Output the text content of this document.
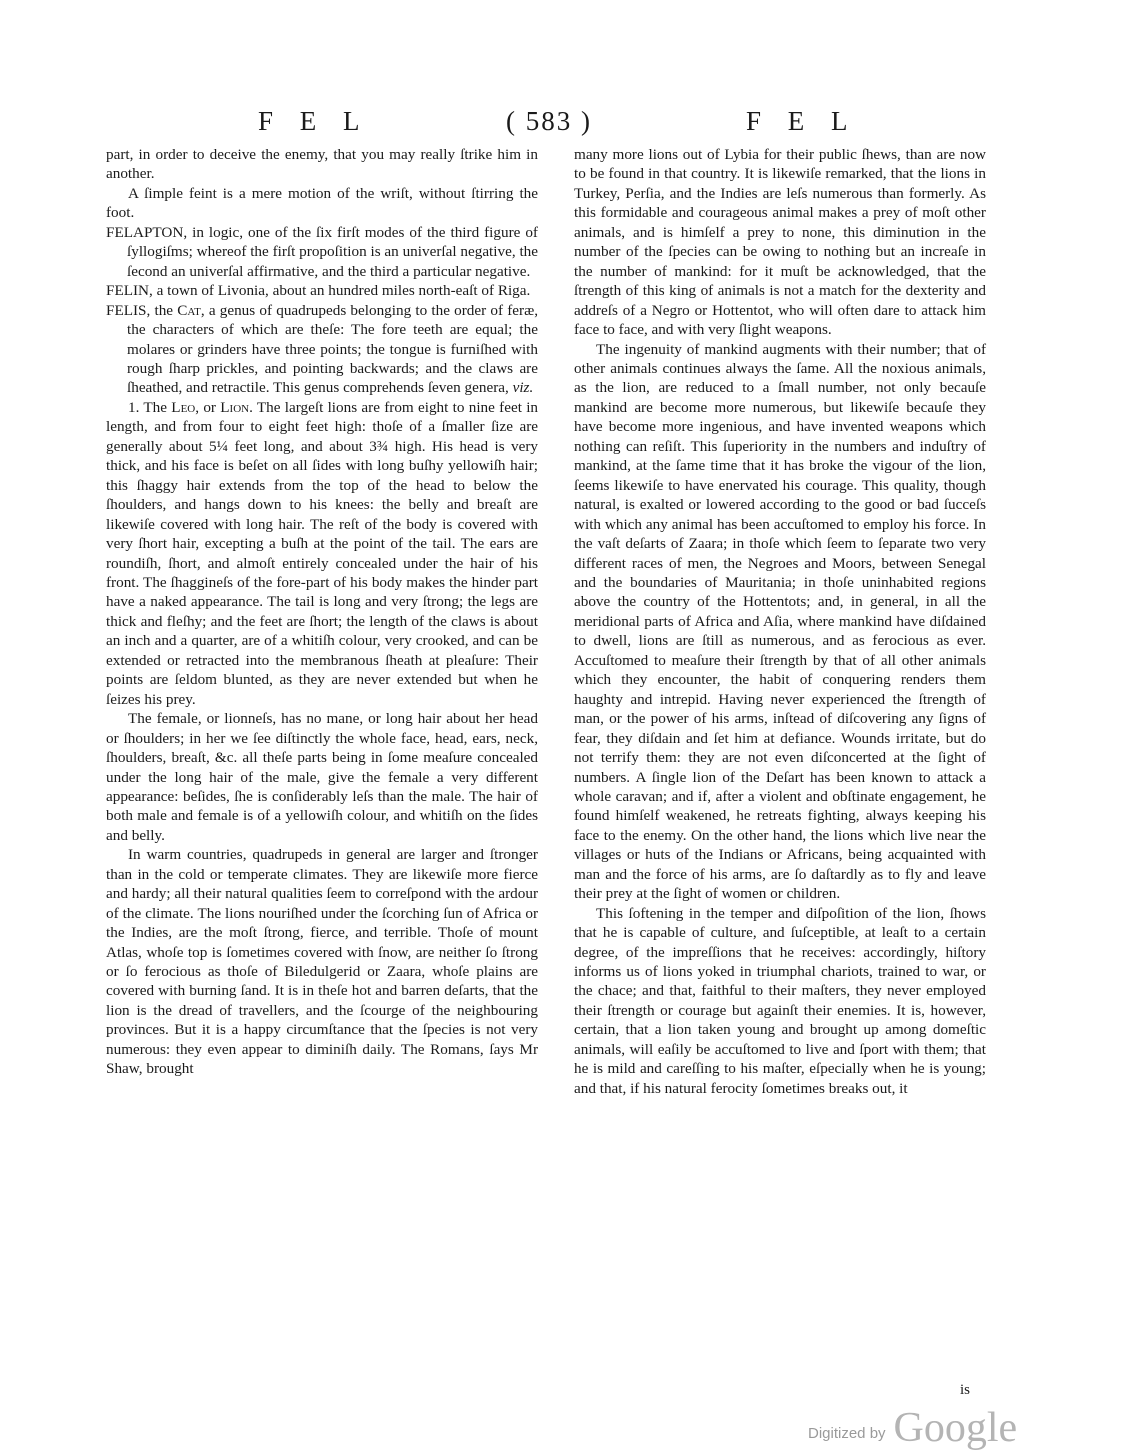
F E L	( 583 )	F E L

part, in order to deceive the enemy, that you may really ſtrike him in another.

A ſimple feint is a mere motion of the wriſt, without ſtirring the foot.

FELAPTON, in logic, one of the ſix firſt modes of the third figure of ſyllogiſms; whereof the firſt propoſition is an univerſal negative, the ſecond an univerſal affirmative, and the third a particular negative.

FELIN, a town of Livonia, about an hundred miles north-eaſt of Riga.

FELIS, the Cat, a genus of quadrupeds belonging to the order of feræ, the characters of which are theſe: The fore teeth are equal; the molares or grinders have three points; the tongue is furniſhed with rough ſharp prickles, and pointing backwards; and the claws are ſheathed, and retractile. This genus comprehends ſeven genera, viz.

1. The Leo, or Lion. The largeſt lions are from eight to nine feet in length, and from four to eight feet high: thoſe of a ſmaller ſize are generally about 5¼ feet long, and about 3¾ high. His head is very thick, and his face is beſet on all ſides with long buſhy yellowiſh hair; this ſhaggy hair extends from the top of the head to below the ſhoulders, and hangs down to his knees: the belly and breaſt are likewiſe covered with long hair. The reſt of the body is covered with very ſhort hair, excepting a buſh at the point of the tail. The ears are roundiſh, ſhort, and almoſt entirely concealed under the hair of his front. The ſhaggineſs of the fore-part of his body makes the hinder part have a naked appearance. The tail is long and very ſtrong; the legs are thick and fleſhy; and the feet are ſhort; the length of the claws is about an inch and a quarter, are of a whitiſh colour, very crooked, and can be extended or retracted into the membranous ſheath at pleaſure: Their points are ſeldom blunted, as they are never extended but when he ſeizes his prey.

The female, or lionneſs, has no mane, or long hair about her head or ſhoulders; in her we ſee diſtinctly the whole face, head, ears, neck, ſhoulders, breaſt, &c. all theſe parts being in ſome meaſure concealed under the long hair of the male, give the female a very different appearance: beſides, ſhe is conſiderably leſs than the male. The hair of both male and female is of a yellowiſh colour, and whitiſh on the ſides and belly.

In warm countries, quadrupeds in general are larger and ſtronger than in the cold or temperate climates. They are likewiſe more fierce and hardy; all their natural qualities ſeem to correſpond with the ardour of the climate. The lions nouriſhed under the ſcorching ſun of Africa or the Indies, are the moſt ſtrong, fierce, and terrible. Thoſe of mount Atlas, whoſe top is ſometimes covered with ſnow, are neither ſo ſtrong or ſo ferocious as thoſe of Biledulgerid or Zaara, whoſe plains are covered with burning ſand. It is in theſe hot and barren deſarts, that the lion is the dread of travellers, and the ſcourge of the neighbouring provinces. But it is a happy circumſtance that the ſpecies is not very numerous: they even appear to diminiſh daily. The Romans, ſays Mr Shaw, brought

many more lions out of Lybia for their public ſhews, than are now to be found in that country. It is likewiſe remarked, that the lions in Turkey, Perſia, and the Indies are leſs numerous than formerly. As this formidable and courageous animal makes a prey of moſt other animals, and is himſelf a prey to none, this diminution in the number of the ſpecies can be owing to nothing but an increaſe in the number of mankind: for it muſt be acknowledged, that the ſtrength of this king of animals is not a match for the dexterity and addreſs of a Negro or Hottentot, who will often dare to attack him face to face, and with very ſlight weapons.

The ingenuity of mankind augments with their number; that of other animals continues always the ſame. All the noxious animals, as the lion, are reduced to a ſmall number, not only becauſe mankind are become more numerous, but likewiſe becauſe they have become more ingenious, and have invented weapons which nothing can reſiſt. This ſuperiority in the numbers and induſtry of mankind, at the ſame time that it has broke the vigour of the lion, ſeems likewiſe to have enervated his courage. This quality, though natural, is exalted or lowered according to the good or bad ſucceſs with which any animal has been accuſtomed to employ his force. In the vaſt deſarts of Zaara; in thoſe which ſeem to ſeparate two very different races of men, the Negroes and Moors, between Senegal and the boundaries of Mauritania; in thoſe uninhabited regions above the country of the Hottentots; and, in general, in all the meridional parts of Africa and Aſia, where mankind have diſdained to dwell, lions are ſtill as numerous, and as ferocious as ever. Accuſtomed to meaſure their ſtrength by that of all other animals which they encounter, the habit of conquering renders them haughty and intrepid. Having never experienced the ſtrength of man, or the power of his arms, inſtead of diſcovering any ſigns of fear, they diſdain and ſet him at defiance. Wounds irritate, but do not terrify them: they are not even diſconcerted at the ſight of numbers. A ſingle lion of the Deſart has been known to attack a whole caravan; and if, after a violent and obſtinate engagement, he found himſelf weakened, he retreats fighting, always keeping his face to the enemy. On the other hand, the lions which live near the villages or huts of the Indians or Africans, being acquainted with man and the force of his arms, are ſo daſtardly as to fly and leave their prey at the ſight of women or children.

This ſoftening in the temper and diſpoſition of the lion, ſhows that he is capable of culture, and ſuſceptible, at leaſt to a certain degree, of the impreſſions that he receives: accordingly, hiſtory informs us of lions yoked in triumphal chariots, trained to war, or the chace; and that, faithful to their maſters, they never employed their ſtrength or courage but againſt their enemies. It is, however, certain, that a lion taken young and brought up among domeſtic animals, will eaſily be accuſtomed to live and ſport with them; that he is mild and careſſing to his maſter, eſpecially when he is young; and that, if his natural ferocity ſometimes breaks out, it

is
Digitized by Google
